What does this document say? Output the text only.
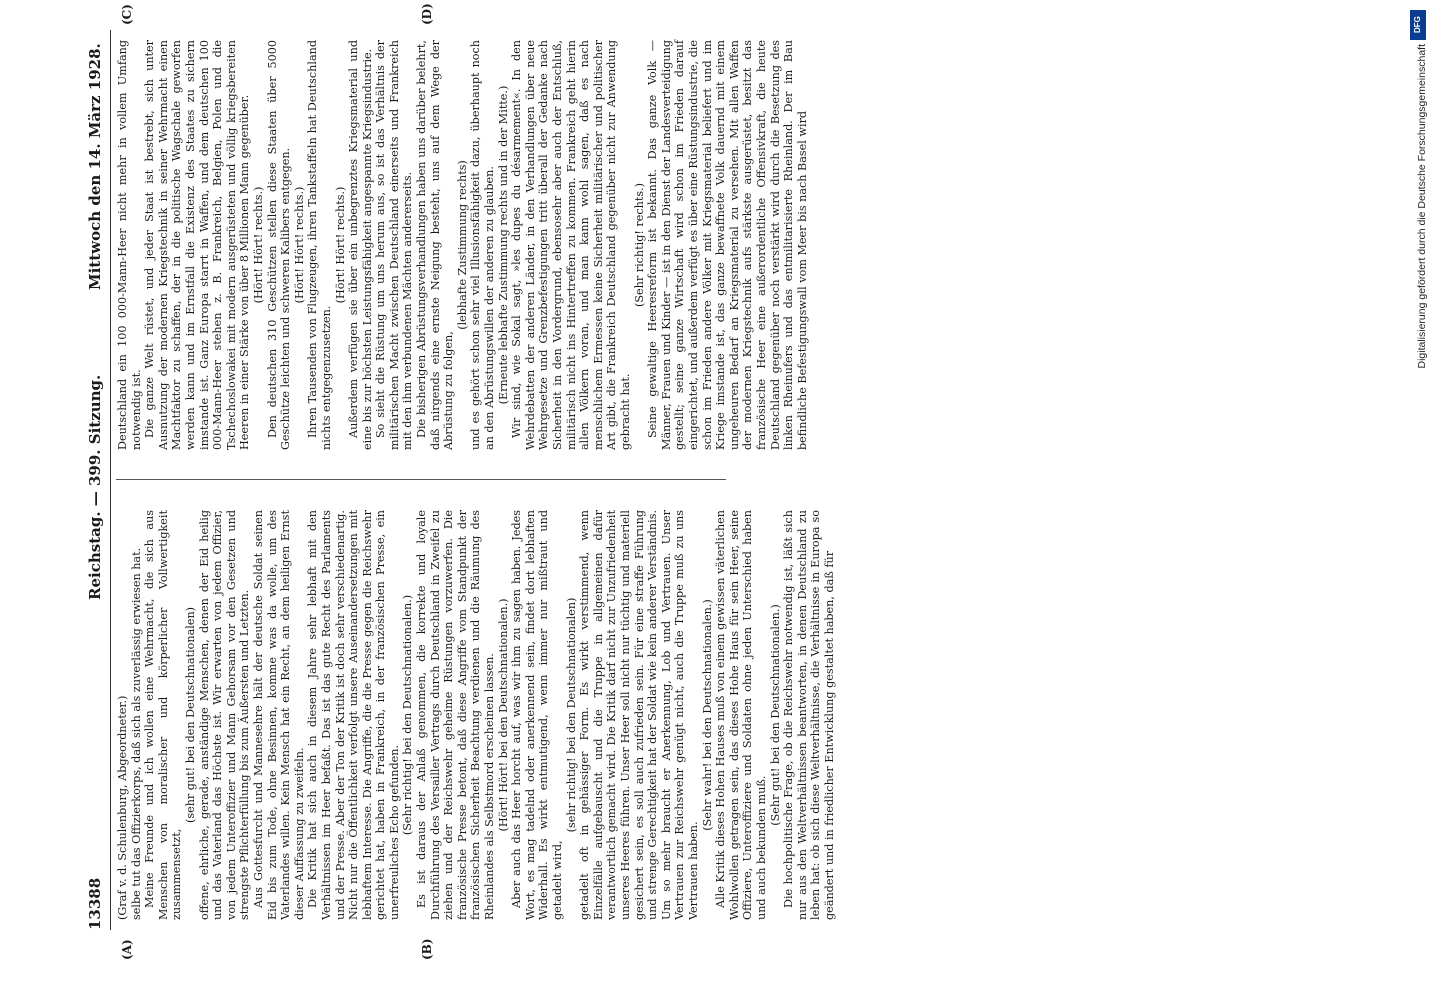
13388
Reichstag. — 399. Sitzung.
Mittwoch den 14. März 1928.
(A)	(B)
(C)	(D)

(Graf v. d. Schulenburg, Abgeordneter.) selbe tut das Offizierkorps, daß sich als zuverlässig erwiesen hat. Meine Freunde und ich wollen eine Wehrmacht, die sich aus Menschen von moralischer und körperlicher Vollwertigkeit zusammensetzt,

(sehr gut! bei den Deutschnationalen) offene, ehrliche, gerade, anständige Menschen, denen der Eid heilig und das Vaterland das Höchste ist. Wir erwarten von jedem Offizier, von jedem Unteroffizier und Mann Gehorsam vor den Gesetzen und strengste Pflichterfüllung bis zum Äußersten und Letzten. Aus Gottesfurcht und Mannesehre hält der deutsche Soldat seinen Eid bis zum Tode, ohne Besinnen, komme was da wolle, um des Vaterlandes willen. Kein Mensch hat ein Recht, an dem heiligen Ernst dieser Auffassung zu zweifeln. Die Kritik hat sich auch in diesem Jahre sehr lebhaft mit den Verhältnissen im Heer befaßt. Das ist das gute Recht des Parlaments und der Presse. Aber der Ton der Kritik ist doch sehr verschiedenartig. Nicht nur die Öffentlichkeit verfolgt unsere Auseinandersetzungen mit lebhaftem Interesse. Die Angriffe, die die Presse gegen die Reichswehr gerichtet hat, haben in Frankreich, in der französischen Presse, ein unerfreuliches Echo gefunden. (Sehr richtig! bei den Deutschnationalen.) Es ist daraus der Anlaß genommen, die korrekte und loyale Durchführung des Versailler Vertrags durch Deutschland in Zweifel zu ziehen und der Reichswehr geheime Rüstungen vorzuwerfen. Die französische Presse betont, daß diese Angriffe vom Standpunkt der französischen Sicherheit Beachtung verdienen und die Räumung des Rheinlandes als Selbstmord erscheinen lassen. (Hört! Hört! bei den Deutschnationalen.) Aber auch das Heer horcht auf, was wir ihm zu sagen haben. Jedes Wort, es mag tadelnd oder anerkennend sein, findet dort lebhaften Widerhall. Es wirkt entmutigend, wenn immer nur mißtraut und getadelt wird,

(sehr richtig! bei den Deutschnationalen) getadelt oft in gehässiger Form. Es wirkt verstimmend, wenn Einzelfälle aufgebauscht und die Truppe in allgemeinen dafür verantwortlich gemacht wird. Die Kritik darf nicht zur Unzufriedenheit unseres Heeres führen. Unser Heer soll nicht nur tüchtig und materiell gesichert sein, es soll auch zufrieden sein. Für eine straffe Führung und strenge Gerechtigkeit hat der Soldat wie kein anderer Verständnis. Um so mehr braucht er Anerkennung, Lob und Vertrauen. Unser Vertrauen zur Reichswehr genügt nicht, auch die Truppe muß zu uns Vertrauen haben.

(Sehr wahr! bei den Deutschnationalen.) Alle Kritik dieses Hohen Hauses muß von einem gewissen väterlichen Wohlwollen getragen sein, das dieses Hohe Haus für sein Heer, seine Offiziere, Unteroffiziere und Soldaten ohne jeden Unterschied haben und auch bekunden muß.

(Sehr gut! bei den Deutschnationalen.) Die hochpolitische Frage, ob die Reichswehr notwendig ist, läßt sich nur aus den Weltverhältnissen beantworten, in denen Deutschland zu leben hat: ob sich diese Weltverhältnisse, die Verhältnisse in Europa so geändert und in friedlicher Entwicklung gestaltet haben, daß für

Deutschland ein 100 000-Mann-Heer nicht mehr in vollem Umfang notwendig ist. Die ganze Welt rüstet, und jeder Staat ist bestrebt, sich unter Ausnutzung der modernen Kriegstechnik in seiner Wehrmacht einen Machtfaktor zu schaffen, der in die politische Wagschale geworfen werden kann und im Ernstfall die Existenz des Staates zu sichern imstande ist. Ganz Europa starrt in Waffen, und dem deutschen 100 000-Mann-Heer stehen z. B. Frankreich, Belgien, Polen und die Tschechoslowakei mit modern ausgerüsteten und völlig kriegsbereiten Heeren in einer Stärke von über 8 Millionen Mann gegenüber. (Hört! Hört! rechts.) Den deutschen 310 Geschützen stellen diese Staaten über 5000 Geschütze leichten und schweren Kalibers entgegen. (Hört! Hört! rechts.) Ihren Tausenden von Flugzeugen, ihren Tankstaffeln hat Deutschland nichts entgegenzusetzen.

(Hört! Hört! rechts.) Außerdem verfügen sie über ein unbegrenztes Kriegsmaterial und eine bis zur höchsten Leistungsfähigkeit angespannte Kriegsindustrie. So sieht die Rüstung um uns herum aus, so ist das Verhältnis der militärischen Macht zwischen Deutschland einerseits und Frankreich mit den ihm verbundenen Mächten andererseits. Die bisherigen Abrüstungsverhandlungen haben uns darüber belehrt, daß nirgends eine ernste Neigung besteht, uns auf dem Wege der Abrüstung zu folgen,

(lebhafte Zustimmung rechts) und es gehört schon sehr viel Illusionsfähigkeit dazu, überhaupt noch an den Abrüstungswillen der anderen zu glauben. (Erneute lebhafte Zustimmung rechts und in der Mitte.) Wir sind, wie Sokal sagt, »les dupes du désarmement«. In den Wehrdebatten der anderen Länder, in den Verhandlungen über neue Wehrgesetze und Grenzbefestigungen tritt überall der Gedanke nach Sicherheit in den Vordergrund, ebensosehr aber auch der Entschluß, militärisch nicht ins Hintertreffen zu kommen. Frankreich geht hierin allen Völkern voran, und man kann wohl sagen, daß es nach menschlichem Ermessen keine Sicherheit militärischer und politischer Art gibt, die Frankreich Deutschland gegenüber nicht zur Anwendung gebracht hat.

(Sehr richtig! rechts.) Seine gewaltige Heeresreform ist bekannt. Das ganze Volk — Männer, Frauen und Kinder — ist in den Dienst der Landesverteidigung gestellt; seine ganze Wirtschaft wird schon im Frieden darauf eingerichtet, und außerdem verfügt es über eine Rüstungsindustrie, die schon im Frieden andere Völker mit Kriegsmaterial beliefert und im Kriege imstande ist, das ganze bewaffnete Volk dauernd mit einem ungeheuren Bedarf an Kriegsmaterial zu versehen. Mit allen Waffen der modernen Kriegstechnik aufs stärkste ausgerüstet, besitzt das französische Heer eine außerordentliche Offensivkraft, die heute Deutschland gegenüber noch verstärkt wird durch die Besetzung des linken Rheinufers und das entmilitarisierte Rheinland. Der im Bau befindliche Befestigungswall vom Meer bis nach Basel wird

DFG
Digitalisierung gefördert durch die Deutsche Forschungsgemeinschaft
